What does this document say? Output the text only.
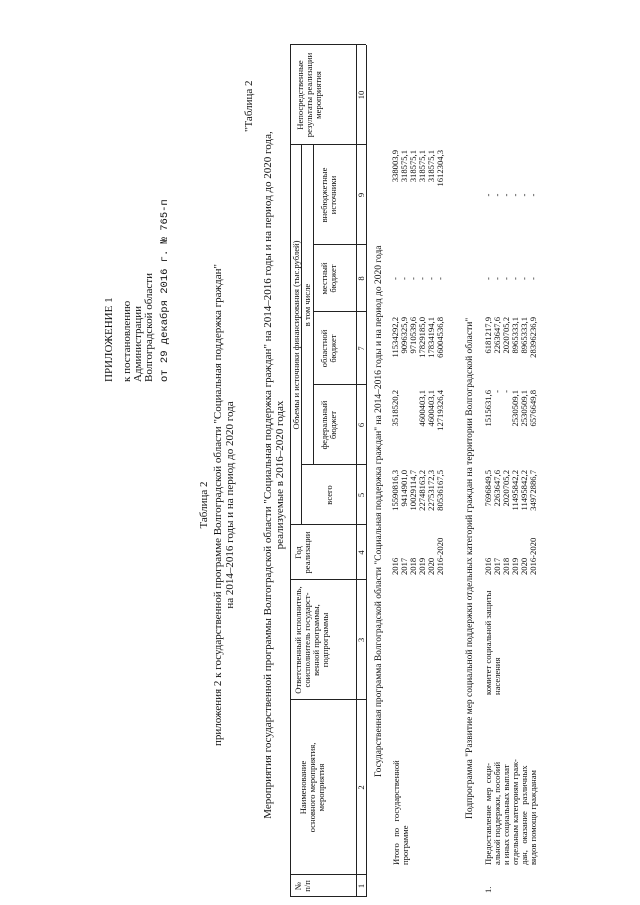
ПРИЛОЖЕНИЕ 1 к постановлению Администрации Волгоградской области от 29 декабря 2016 г. № 765-п
"Таблица 2
Таблица 2 приложения 2 к государственной программе Волгоградской области "Социальная поддержка граждан" на 2014–2016 годы и на период до 2020 года Мероприятия государственной программы Волгоградской области "Социальная поддержка граждан" на 2014–2016 годы и на период до 2020 года, реализуемые в 2016–2020 годах
№
п/п
Наименование
основного мероприятия,
мероприятия
Ответственный исполнитель,
соисполнитель государст-
венной программы,
подпрограммы
Год
реализации
Объемы и источники финансирования (тыс.рублей)
всего
в том числе
федеральный
бюджет
областной
бюджет
местный
бюджет
внебюджетные
источники
Непосредственные
результаты реализации
мероприятия
1
2
3
4
5
6
7
8
9
10
Государственная программа Волгоградской области "Социальная поддержка граждан" на 2014–2016 годы и на период до 2020 года
Итого   по   государственной
программе
2016
2017
2018
2019
2020
2016-2020
15590816,3
9414901,0
10029114,7
22748163,2
22753172,3
80536167,5
3518520,2

4600403,1
4600403,1
12719326,4
11534292,2
9096325,9
9710539,6
17829185,0
17834194,1
66004536,8
-
-
-
-
-
-
338003,9
318575,1
318575,1
318575,1
318575,1
1612304,3
Подпрограмма "Развитие мер социальной поддержки отдельных категорий граждан на территории Волгоградской области"
1.
Предоставление  мер  соци-
альной поддержки, пособий
и иных социальных выплат
отдельным категориям граж-
дан,   оказание   различных
видов помощи гражданам
комитет социальной защиты
населения
2016
2017
2018
2019
2020
2016-2020
7696849,5
2263647,6
2020705,2
11495842,2
11495842,2
34972886,7
1515631,6
-
-
2530509,1
2530509,1
6576649,8
6181217,9
2263647,6
2020705,2
8965333,1
8965333,1
28396236,9
-
-
-
-
-
-
-
-
-
-
-
-
